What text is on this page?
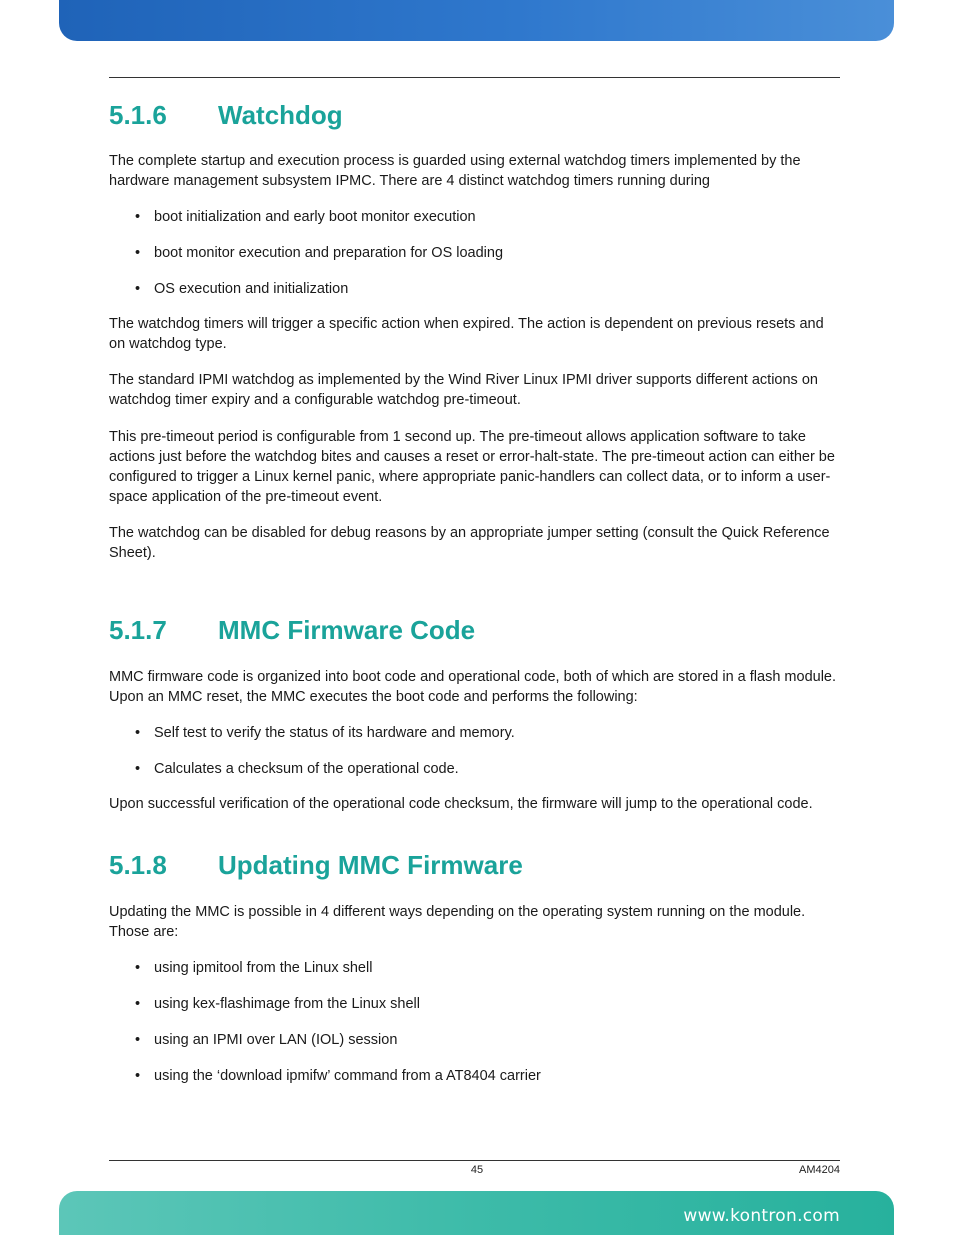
5.1.6 Watchdog

The complete startup and execution process is guarded using external watchdog timers implemented by the hardware management subsystem IPMC. There are 4 distinct watchdog timers running during

• boot initialization and early boot monitor execution
• boot monitor execution and preparation for OS loading
• OS execution and initialization

The watchdog timers will trigger a specific action when expired. The action is dependent on previous resets and on watchdog type.

The standard IPMI watchdog as implemented by the Wind River Linux IPMI driver supports different actions on watchdog timer expiry and a configurable watchdog pre-timeout.

This pre-timeout period is configurable from 1 second up. The pre-timeout allows application software to take actions just before the watchdog bites and causes a reset or error-halt-state. The pre-timeout action can either be configured to trigger a Linux kernel panic, where appropriate panic-handlers can collect data, or to inform a user-space application of the pre-timeout event.

The watchdog can be disabled for debug reasons by an appropriate jumper setting (consult the Quick Reference Sheet).

5.1.7 MMC Firmware Code

MMC firmware code is organized into boot code and operational code, both of which are stored in a flash module. Upon an MMC reset, the MMC executes the boot code and performs the following:

• Self test to verify the status of its hardware and memory.
• Calculates a checksum of the operational code.

Upon successful verification of the operational code checksum, the firmware will jump to the operational code.

5.1.8 Updating MMC Firmware

Updating the MMC is possible in 4 different ways depending on the operating system running on the module. Those are:

• using ipmitool from the Linux shell
• using kex-flashimage from the Linux shell
• using an IPMI over LAN (IOL) session
• using the ‘download ipmifw’ command from a AT8404 carrier
45	AM4204
www.kontron.com
